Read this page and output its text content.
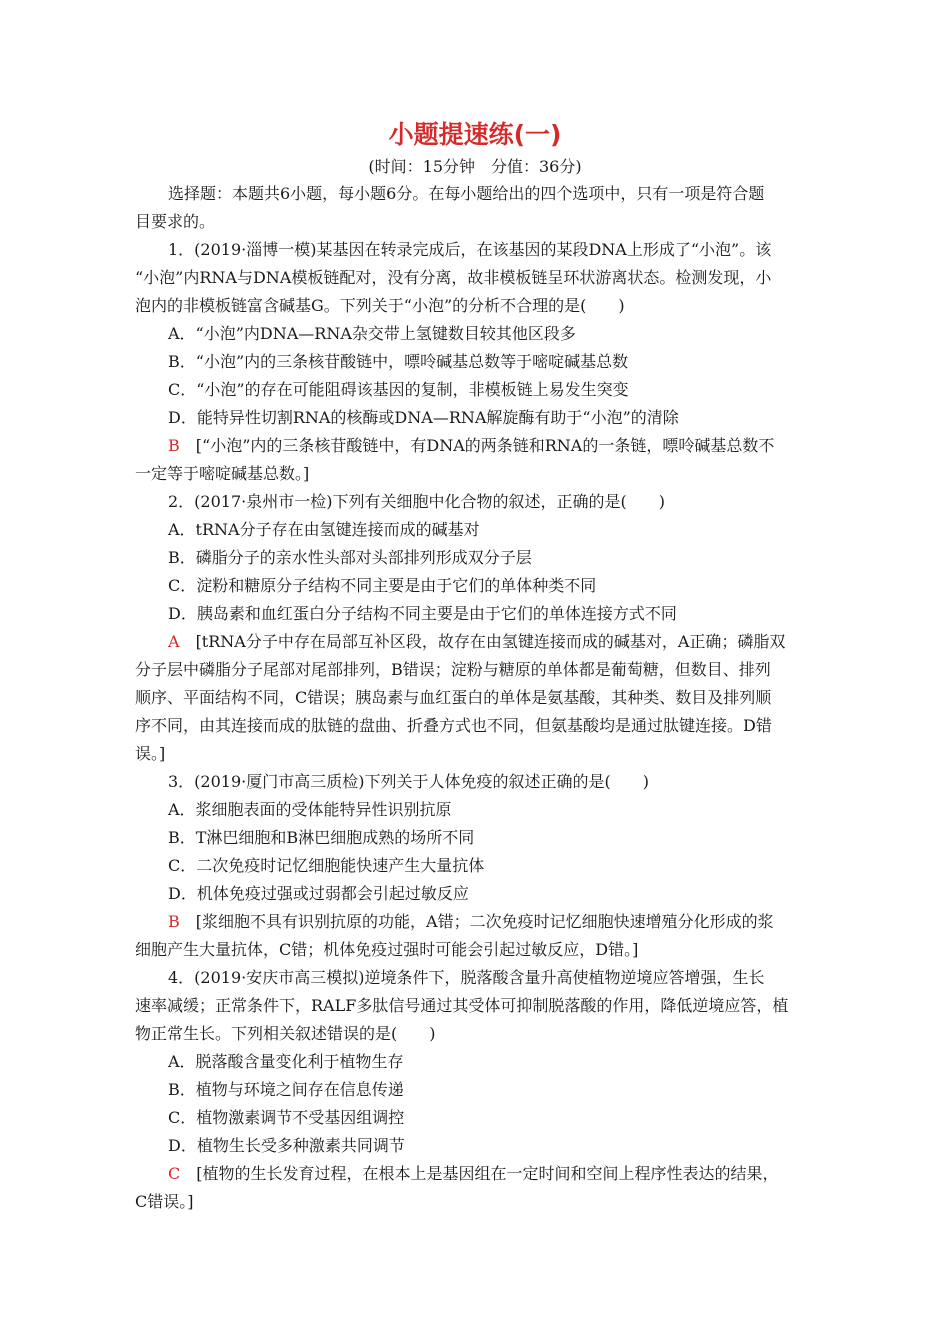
小题提速练(一)
(时间：15分钟　分值：36分)
选择题：本题共6小题，每小题6分。在每小题给出的四个选项中，只有一项是符合题
目要求的。
1．(2019·淄博一模)某基因在转录完成后，在该基因的某段DNA上形成了“小泡”。该
“小泡”内RNA与DNA模板链配对，没有分离，故非模板链呈环状游离状态。检测发现，小
泡内的非模板链富含碱基G。下列关于“小泡”的分析不合理的是(　　)
A．“小泡”内DNA—RNA杂交带上氢键数目较其他区段多
B．“小泡”内的三条核苷酸链中，嘌呤碱基总数等于嘧啶碱基总数
C．“小泡”的存在可能阻碍该基因的复制，非模板链上易发生突变
D．能特异性切割RNA的核酶或DNA—RNA解旋酶有助于“小泡”的清除
B　[“小泡”内的三条核苷酸链中，有DNA的两条链和RNA的一条链，嘌呤碱基总数不
一定等于嘧啶碱基总数。]
2．(2017·泉州市一检)下列有关细胞中化合物的叙述，正确的是(　　)
A．tRNA分子存在由氢键连接而成的碱基对
B．磷脂分子的亲水性头部对头部排列形成双分子层
C．淀粉和糖原分子结构不同主要是由于它们的单体种类不同
D．胰岛素和血红蛋白分子结构不同主要是由于它们的单体连接方式不同
A　[tRNA分子中存在局部互补区段，故存在由氢键连接而成的碱基对，A正确；磷脂双
分子层中磷脂分子尾部对尾部排列，B错误；淀粉与糖原的单体都是葡萄糖，但数目、排列
顺序、平面结构不同，C错误；胰岛素与血红蛋白的单体是氨基酸，其种类、数目及排列顺
序不同，由其连接而成的肽链的盘曲、折叠方式也不同，但氨基酸均是通过肽键连接。D错
误。]
3．(2019·厦门市高三质检)下列关于人体免疫的叙述正确的是(　　)
A．浆细胞表面的受体能特异性识别抗原
B．T淋巴细胞和B淋巴细胞成熟的场所不同
C．二次免疫时记忆细胞能快速产生大量抗体
D．机体免疫过强或过弱都会引起过敏反应
B　[浆细胞不具有识别抗原的功能，A错；二次免疫时记忆细胞快速增殖分化形成的浆
细胞产生大量抗体，C错；机体免疫过强时可能会引起过敏反应，D错。]
4．(2019·安庆市高三模拟)逆境条件下，脱落酸含量升高使植物逆境应答增强，生长
速率减缓；正常条件下，RALF多肽信号通过其受体可抑制脱落酸的作用，降低逆境应答，植
物正常生长。下列相关叙述错误的是(　　)
A．脱落酸含量变化利于植物生存
B．植物与环境之间存在信息传递
C．植物激素调节不受基因组调控
D．植物生长受多种激素共同调节
C　[植物的生长发育过程，在根本上是基因组在一定时间和空间上程序性表达的结果，
C错误。]
